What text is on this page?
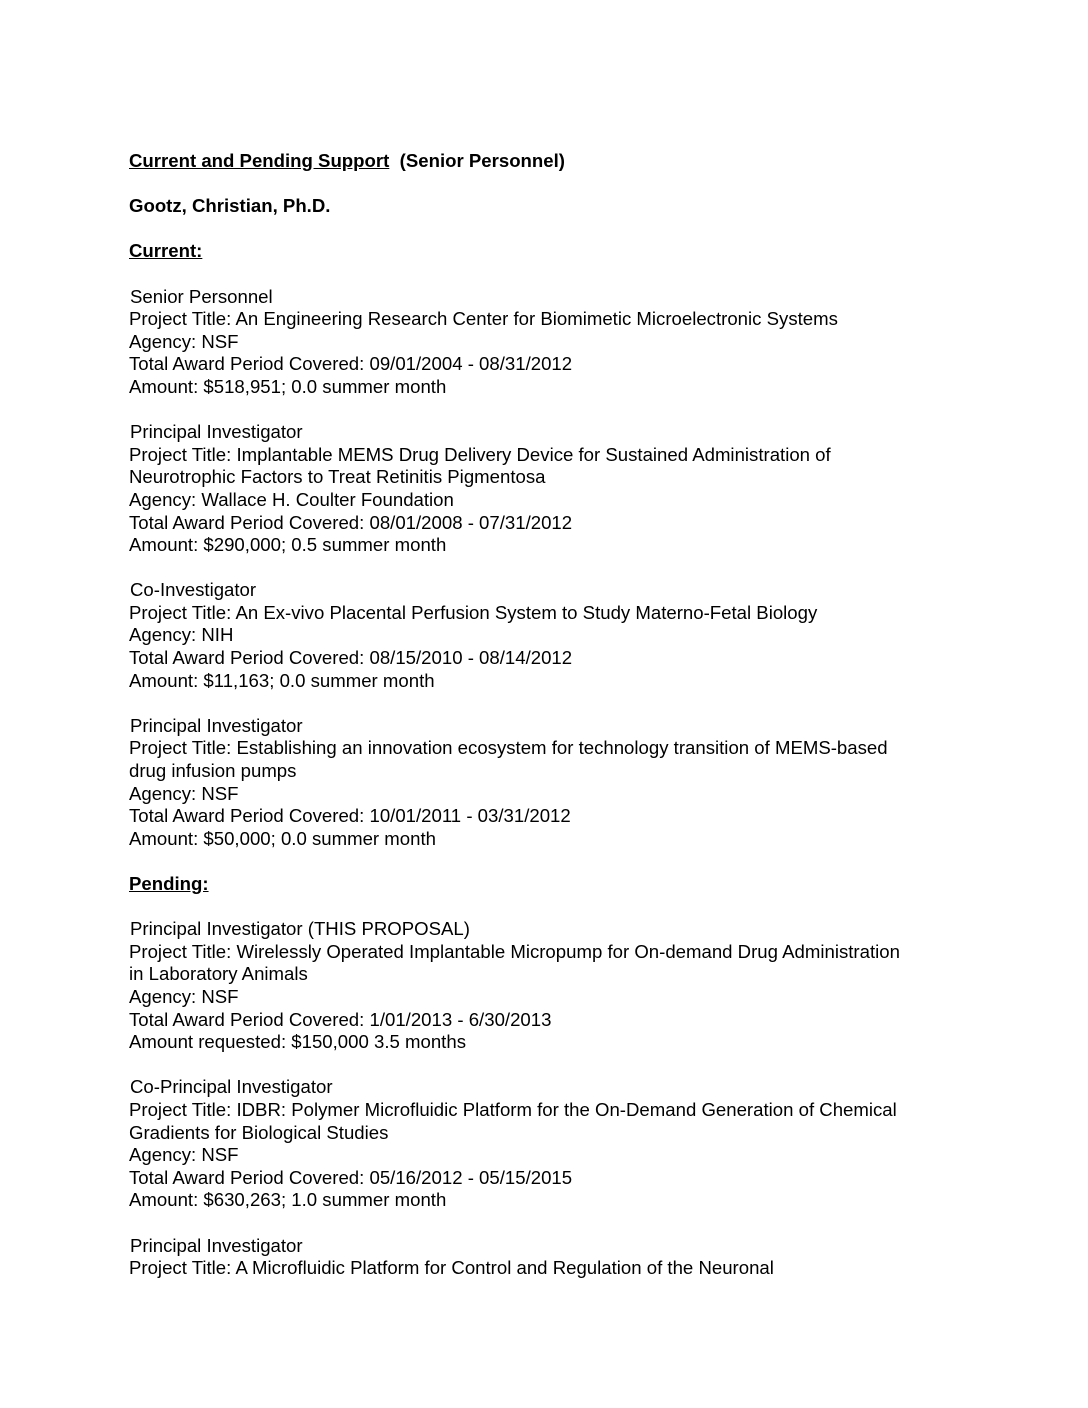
Current and Pending Support (Senior Personnel)
Gootz, Christian, Ph.D.
Current:
Senior Personnel
Project Title: An Engineering Research Center for Biomimetic Microelectronic Systems
Agency: NSF
Total Award Period Covered: 09/01/2004 - 08/31/2012
Amount: $518,951; 0.0 summer month
Principal Investigator
Project Title: Implantable MEMS Drug Delivery Device for Sustained Administration of
Neurotrophic Factors to Treat Retinitis Pigmentosa
Agency: Wallace H. Coulter Foundation
Total Award Period Covered: 08/01/2008 - 07/31/2012
Amount: $290,000; 0.5 summer month
Co-Investigator
Project Title: An Ex-vivo Placental Perfusion System to Study Materno-Fetal Biology
Agency: NIH
Total Award Period Covered: 08/15/2010 - 08/14/2012
Amount: $11,163; 0.0 summer month
Principal Investigator
Project Title: Establishing an innovation ecosystem for technology transition of MEMS-based
drug infusion pumps
Agency: NSF
Total Award Period Covered: 10/01/2011 - 03/31/2012
Amount: $50,000; 0.0 summer month
Pending:
Principal Investigator (THIS PROPOSAL)
Project Title: Wirelessly Operated Implantable Micropump for On-demand Drug Administration
in Laboratory Animals
Agency: NSF
Total Award Period Covered: 1/01/2013 - 6/30/2013
Amount requested: $150,000 3.5 months
Co-Principal Investigator
Project Title: IDBR: Polymer Microfluidic Platform for the On-Demand Generation of Chemical
Gradients for Biological Studies
Agency: NSF
Total Award Period Covered: 05/16/2012 - 05/15/2015
Amount: $630,263; 1.0 summer month
Principal Investigator
Project Title: A Microfluidic Platform for Control and Regulation of the Neuronal
